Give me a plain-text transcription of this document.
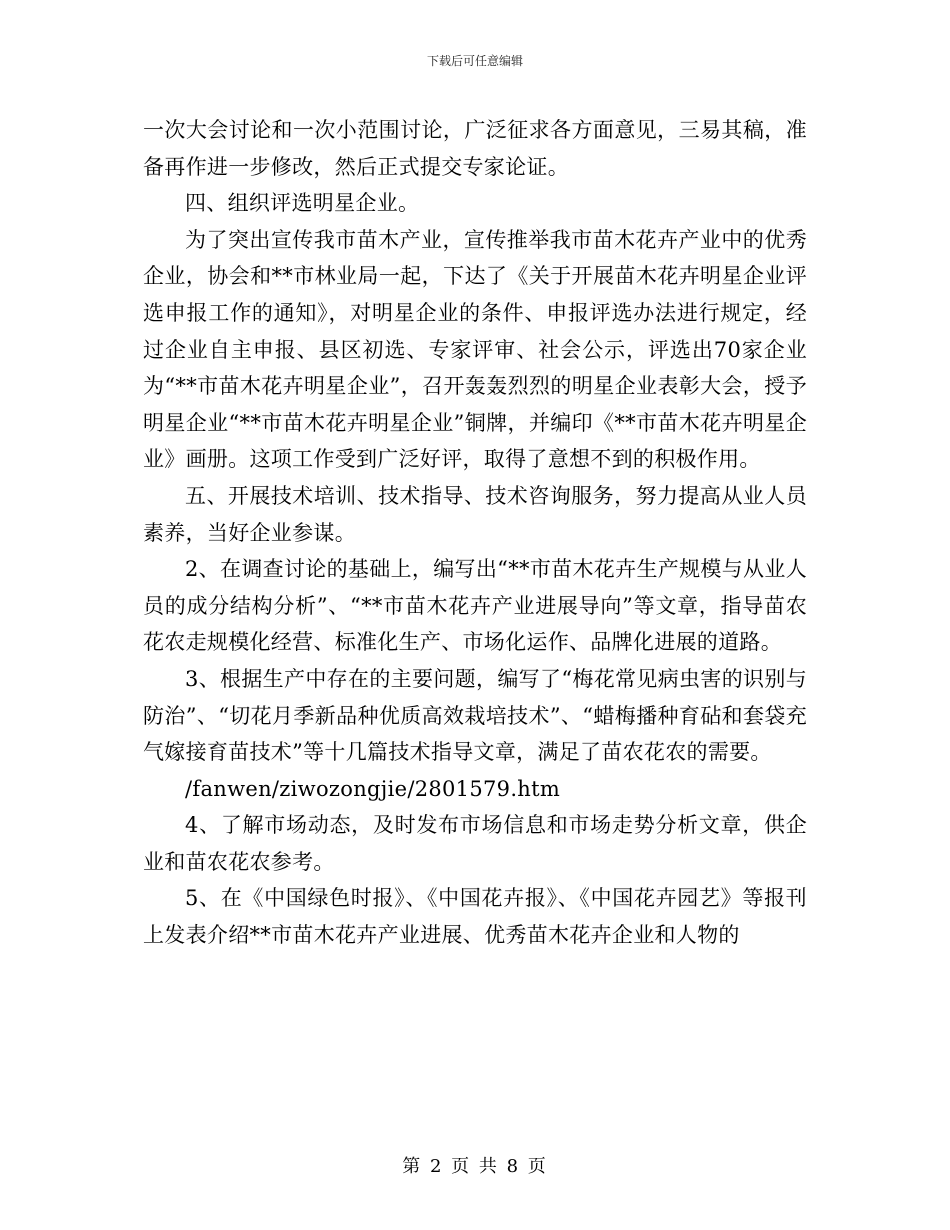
下载后可任意编辑

一次大会讨论和一次小范围讨论，广泛征求各方面意见，三易其稿，准备再作进一步修改，然后正式提交专家论证。

四、组织评选明星企业。

为了突出宣传我市苗木产业，宣传推举我市苗木花卉产业中的优秀企业，协会和**市林业局一起，下达了《关于开展苗木花卉明星企业评选申报工作的通知》，对明星企业的条件、申报评选办法进行规定，经过企业自主申报、县区初选、专家评审、社会公示，评选出70家企业为“**市苗木花卉明星企业”，召开轰轰烈烈的明星企业表彰大会，授予明星企业“**市苗木花卉明星企业”铜牌，并编印《**市苗木花卉明星企业》画册。这项工作受到广泛好评，取得了意想不到的积极作用。

五、开展技术培训、技术指导、技术咨询服务，努力提高从业人员素养，当好企业参谋。

2、在调查讨论的基础上，编写出“**市苗木花卉生产规模与从业人员的成分结构分析”、“**市苗木花卉产业进展导向”等文章，指导苗农花农走规模化经营、标准化生产、市场化运作、品牌化进展的道路。

3、根据生产中存在的主要问题，编写了“梅花常见病虫害的识别与防治”、“切花月季新品种优质高效栽培技术”、“蜡梅播种育砧和套袋充气嫁接育苗技术”等十几篇技术指导文章，满足了苗农花农的需要。

/fanwen/ziwozongjie/2801579.htm

4、了解市场动态，及时发布市场信息和市场走势分析文章，供企业和苗农花农参考。

5、在《中国绿色时报》、《中国花卉报》、《中国花卉园艺》等报刊上发表介绍**市苗木花卉产业进展、优秀苗木花卉企业和人物的

第 2 页 共 8 页
